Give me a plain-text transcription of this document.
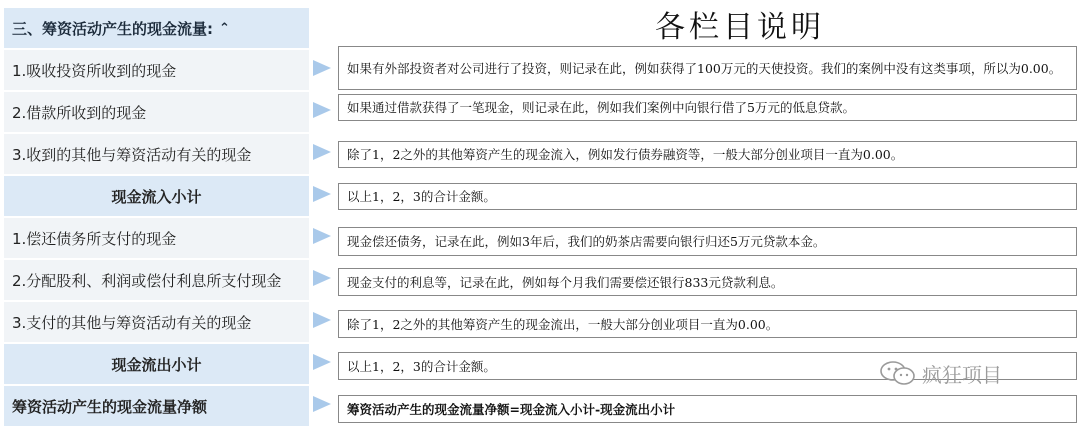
各栏目说明
三、筹资活动产生的现金流量: ⌃
1.吸收投资所收到的现金
2.借款所收到的现金
3.收到的其他与筹资活动有关的现金
现金流入小计
1.偿还债务所支付的现金
2.分配股利、利润或偿付利息所支付现金
3.支付的其他与筹资活动有关的现金
现金流出小计
筹资活动产生的现金流量净额
如果有外部投资者对公司进行了投资，则记录在此，例如获得了100万元的天使投资。我们的案例中没有这类事项，所以为0.00。
如果通过借款获得了一笔现金，则记录在此，例如我们案例中向银行借了5万元的低息贷款。
除了1，2之外的其他筹资产生的现金流入，例如发行债券融资等，一般大部分创业项目一直为0.00。
以上1，2，3的合计金额。
现金偿还债务，记录在此，例如3年后，我们的奶茶店需要向银行归还5万元贷款本金。
现金支付的利息等，记录在此，例如每个月我们需要偿还银行833元贷款利息。
除了1，2之外的其他筹资产生的现金流出，一般大部分创业项目一直为0.00。
以上1，2，3的合计金额。
筹资活动产生的现金流量净额=现金流入小计-现金流出小计
疯狂项目
